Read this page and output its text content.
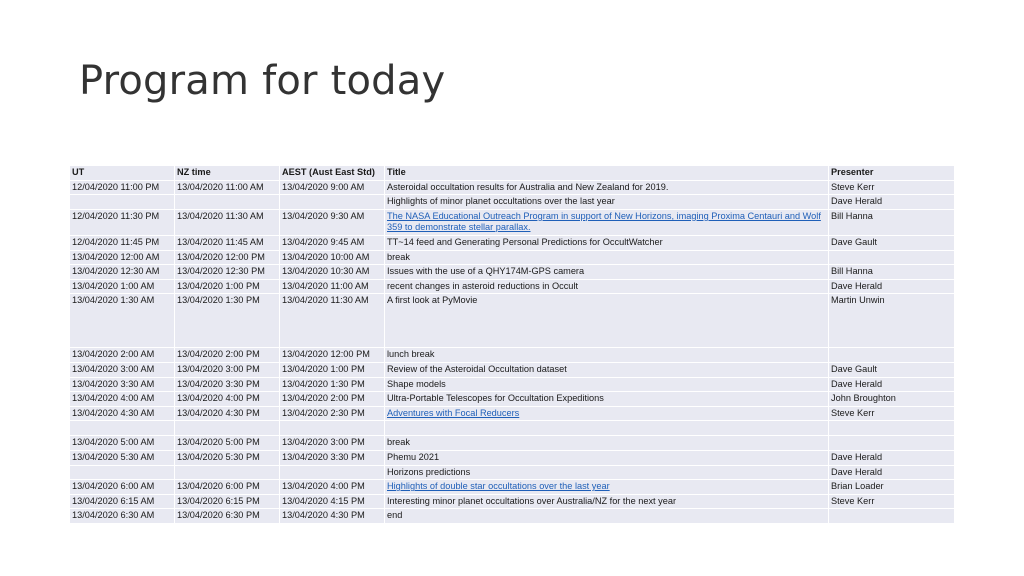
Program for today
UT	NZ time	AEST (Aust East Std)	Title	Presenter
12/04/2020 11:00 PM	13/04/2020 11:00 AM	13/04/2020 9:00 AM	Asteroidal occultation results for Australia and New Zealand for 2019.	Steve Kerr
			Highlights of minor planet occultations over the last year	Dave Herald
12/04/2020 11:30 PM	13/04/2020 11:30 AM	13/04/2020 9:30 AM	The NASA Educational Outreach Program in support of New Horizons, imaging Proxima Centauri and Wolf 359 to demonstrate stellar parallax.	Bill Hanna
12/04/2020 11:45 PM	13/04/2020 11:45 AM	13/04/2020 9:45 AM	TT~14 feed and Generating Personal Predictions for OccultWatcher	Dave Gault
13/04/2020 12:00 AM	13/04/2020 12:00 PM	13/04/2020 10:00 AM	break	
13/04/2020 12:30 AM	13/04/2020 12:30 PM	13/04/2020 10:30 AM	Issues with the use of a QHY174M-GPS camera	Bill Hanna
13/04/2020 1:00 AM	13/04/2020 1:00 PM	13/04/2020 11:00 AM	recent changes in asteroid reductions in Occult	Dave Herald
13/04/2020 1:30 AM	13/04/2020 1:30 PM	13/04/2020 11:30 AM	A first look at PyMovie	Martin Unwin
13/04/2020 2:00 AM	13/04/2020 2:00 PM	13/04/2020 12:00 PM	lunch break	
13/04/2020 3:00 AM	13/04/2020 3:00 PM	13/04/2020 1:00 PM	Review of the Asteroidal Occultation dataset	Dave Gault
13/04/2020 3:30 AM	13/04/2020 3:30 PM	13/04/2020 1:30 PM	Shape models	Dave Herald
13/04/2020 4:00 AM	13/04/2020 4:00 PM	13/04/2020 2:00 PM	Ultra-Portable Telescopes for Occultation Expeditions	John Broughton
13/04/2020 4:30 AM	13/04/2020 4:30 PM	13/04/2020 2:30 PM	Adventures with Focal Reducers	Steve Kerr

13/04/2020 5:00 AM	13/04/2020 5:00 PM	13/04/2020 3:00 PM	break	
13/04/2020 5:30 AM	13/04/2020 5:30 PM	13/04/2020 3:30 PM	Phemu 2021	Dave Herald
			Horizons predictions	Dave Herald
13/04/2020 6:00 AM	13/04/2020 6:00 PM	13/04/2020 4:00 PM	Highlights of double star occultations over the last year	Brian Loader
13/04/2020 6:15 AM	13/04/2020 6:15 PM	13/04/2020 4:15 PM	Interesting minor planet occultations over Australia/NZ for the next year	Steve Kerr
13/04/2020 6:30 AM	13/04/2020 6:30 PM	13/04/2020 4:30 PM	end	
